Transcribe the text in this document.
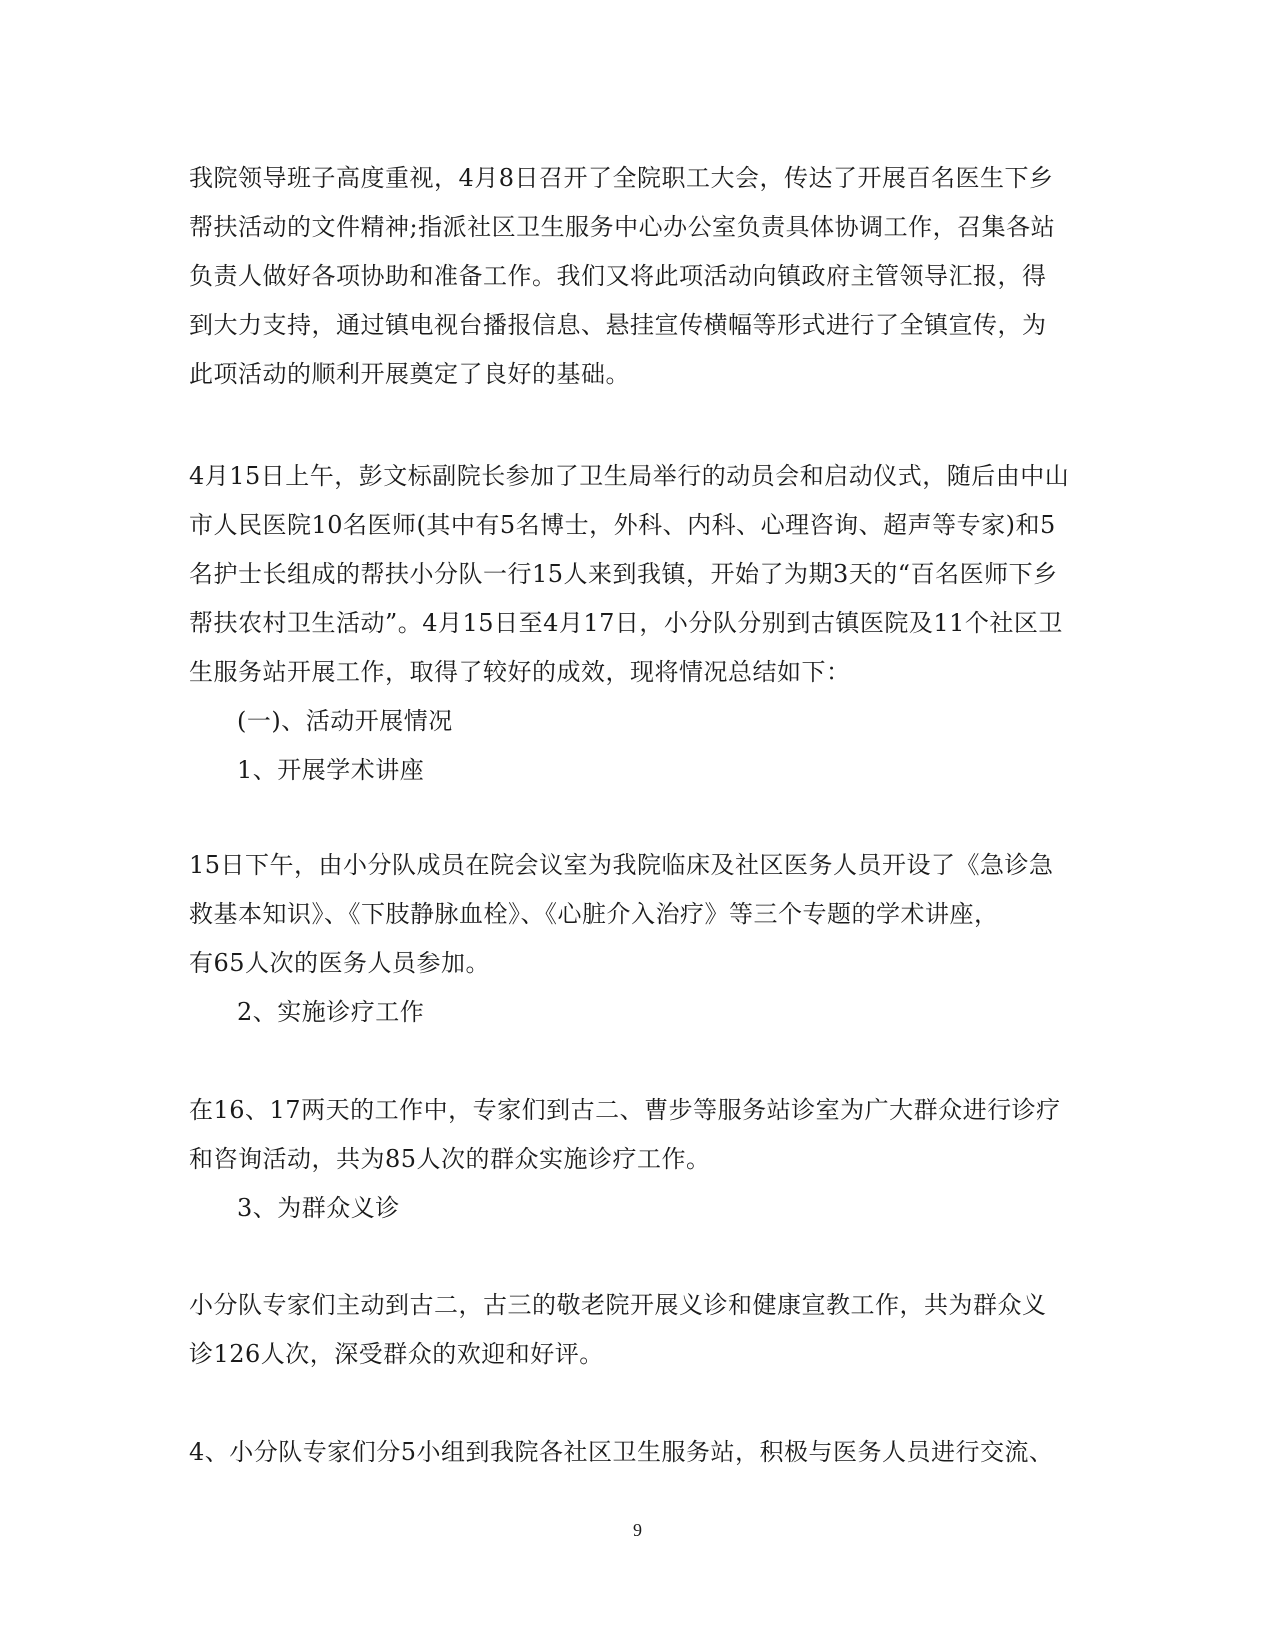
我院领导班子高度重视，4月8日召开了全院职工大会，传达了开展百名医生下乡
帮扶活动的文件精神;指派社区卫生服务中心办公室负责具体协调工作，召集各站
负责人做好各项协助和准备工作。我们又将此项活动向镇政府主管领导汇报，得
到大力支持，通过镇电视台播报信息、悬挂宣传横幅等形式进行了全镇宣传，为
此项活动的顺利开展奠定了良好的基础。
4月15日上午，彭文标副院长参加了卫生局举行的动员会和启动仪式，随后由中山
市人民医院10名医师(其中有5名博士，外科、内科、心理咨询、超声等专家)和5
名护士长组成的帮扶小分队一行15人来到我镇，开始了为期3天的“百名医师下乡
帮扶农村卫生活动”。4月15日至4月17日，小分队分别到古镇医院及11个社区卫
生服务站开展工作，取得了较好的成效，现将情况总结如下：
(一)、活动开展情况
1、开展学术讲座
15日下午，由小分队成员在院会议室为我院临床及社区医务人员开设了《急诊急
救基本知识》、《下肢静脉血栓》、《心脏介入治疗》等三个专题的学术讲座，
有65人次的医务人员参加。
2、实施诊疗工作
在16、17两天的工作中，专家们到古二、曹步等服务站诊室为广大群众进行诊疗
和咨询活动，共为85人次的群众实施诊疗工作。
3、为群众义诊
小分队专家们主动到古二，古三的敬老院开展义诊和健康宣教工作，共为群众义
诊126人次，深受群众的欢迎和好评。
4、小分队专家们分5小组到我院各社区卫生服务站，积极与医务人员进行交流、
9
